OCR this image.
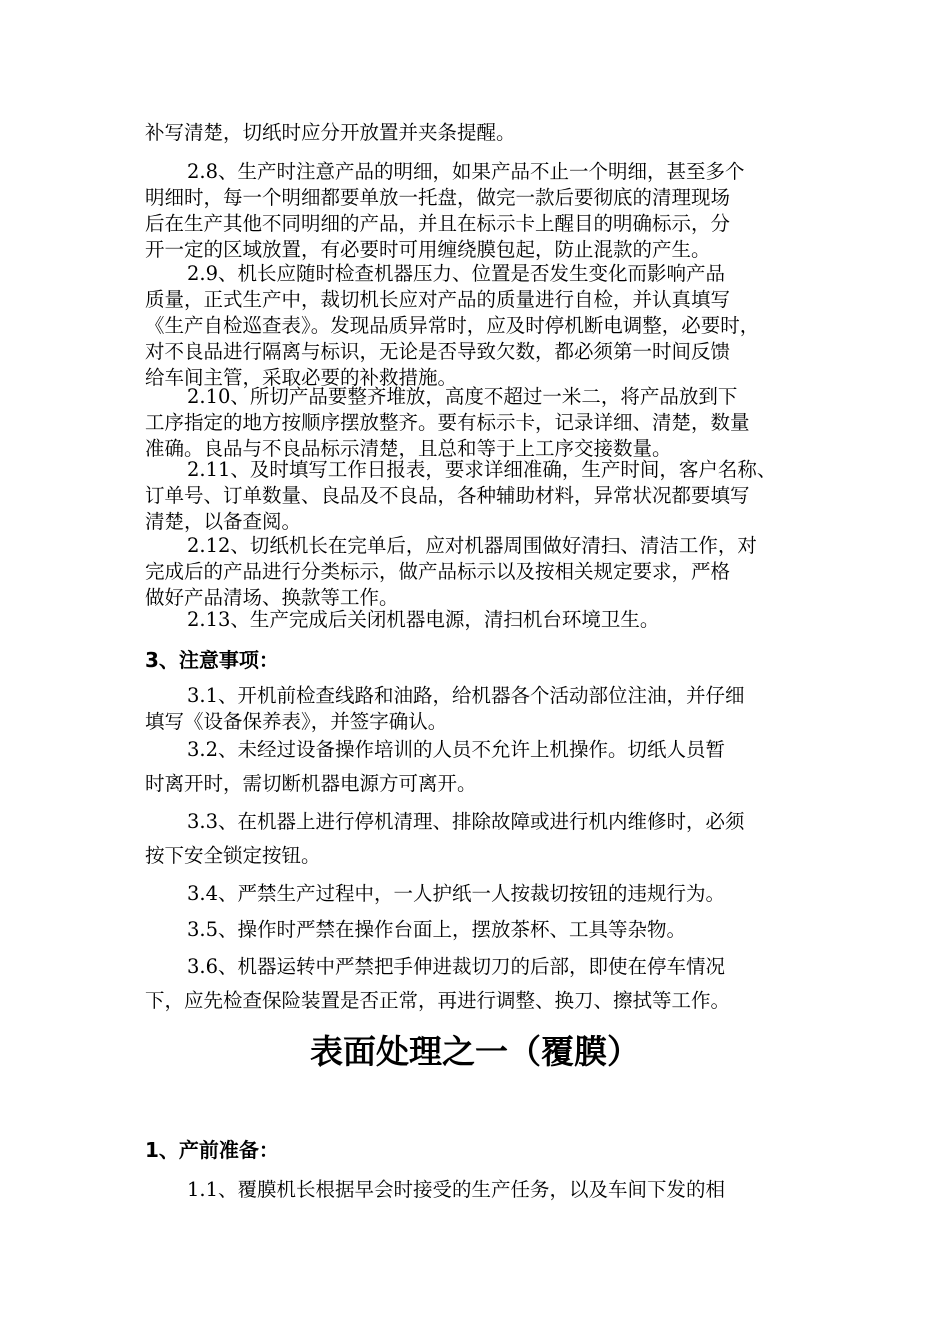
补写清楚，切纸时应分开放置并夹条提醒。
2.8、生产时注意产品的明细，如果产品不止一个明细，甚至多个
明细时，每一个明细都要单放一托盘，做完一款后要彻底的清理现场
后在生产其他不同明细的产品，并且在标示卡上醒目的明确标示，分
开一定的区域放置，有必要时可用缠绕膜包起，防止混款的产生。
2.9、机长应随时检查机器压力、位置是否发生变化而影响产品
质量，正式生产中，裁切机长应对产品的质量进行自检，并认真填写
《生产自检巡查表》。发现品质异常时，应及时停机断电调整，必要时，
对不良品进行隔离与标识，无论是否导致欠数，都必须第一时间反馈
给车间主管，采取必要的补救措施。
2.10、所切产品要整齐堆放，高度不超过一米二，将产品放到下
工序指定的地方按顺序摆放整齐。要有标示卡，记录详细、清楚，数量
准确。良品与不良品标示清楚，且总和等于上工序交接数量。
2.11、及时填写工作日报表，要求详细准确，生产时间，客户名称、
订单号、订单数量、良品及不良品，各种辅助材料，异常状况都要填写
清楚，以备查阅。
2.12、切纸机长在完单后，应对机器周围做好清扫、清洁工作，对
完成后的产品进行分类标示，做产品标示以及按相关规定要求，严格
做好产品清场、换款等工作。
2.13、生产完成后关闭机器电源，清扫机台环境卫生。
3、注意事项：
3.1、开机前检查线路和油路，给机器各个活动部位注油，并仔细
填写《设备保养表》，并签字确认。
3.2、未经过设备操作培训的人员不允许上机操作。切纸人员暂
时离开时，需切断机器电源方可离开。
3.3、在机器上进行停机清理、排除故障或进行机内维修时，必须
按下安全锁定按钮。
3.4、严禁生产过程中，一人护纸一人按裁切按钮的违规行为。
3.5、操作时严禁在操作台面上，摆放茶杯、工具等杂物。
3.6、机器运转中严禁把手伸进裁切刀的后部，即使在停车情况
下，应先检查保险装置是否正常，再进行调整、换刀、擦拭等工作。
表面处理之一（覆膜）
1、产前准备：
1.1、覆膜机长根据早会时接受的生产任务，以及车间下发的相
